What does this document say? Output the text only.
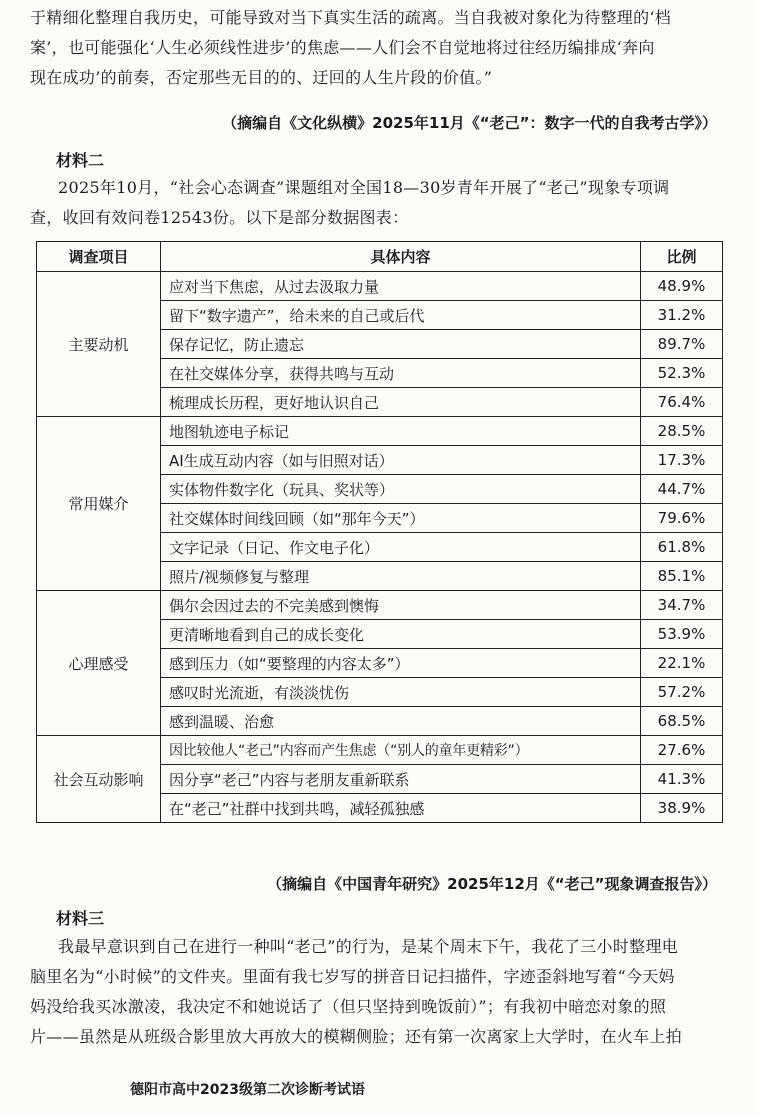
于精细化整理自我历史，可能导致对当下真实生活的疏离。当自我被对象化为待整理的‘档
案’，也可能强化‘人生必须线性进步’的焦虑——人们会不自觉地将过往经历编排成‘奔向
现在成功’的前奏，否定那些无目的的、迂回的人生片段的价值。”
（摘编自《文化纵横》2025年11月《“老己”：数字一代的自我考古学》）
材料二
2025年10月，“社会心态调查”课题组对全国18—30岁青年开展了“老己”现象专项调
查，收回有效问卷12543份。以下是部分数据图表：
调查项目	具体内容	比例
主要动机	应对当下焦虑，从过去汲取力量	48.9%
	留下“数字遗产”，给未来的自己或后代	31.2%
	保存记忆，防止遗忘	89.7%
	在社交媒体分享，获得共鸣与互动	52.3%
	梳理成长历程，更好地认识自己	76.4%
常用媒介	地图轨迹电子标记	28.5%
	AI生成互动内容（如与旧照对话）	17.3%
	实体物件数字化（玩具、奖状等）	44.7%
	社交媒体时间线回顾（如“那年今天”）	79.6%
	文字记录（日记、作文电子化）	61.8%
	照片/视频修复与整理	85.1%
心理感受	偶尔会因过去的不完美感到懊悔	34.7%
	更清晰地看到自己的成长变化	53.9%
	感到压力（如“要整理的内容太多”）	22.1%
	感叹时光流逝，有淡淡忧伤	57.2%
	感到温暖、治愈	68.5%
社会互动影响	因比较他人“老己”内容而产生焦虑（“别人的童年更精彩”）	27.6%
	因分享“老己”内容与老朋友重新联系	41.3%
	在“老己”社群中找到共鸣，减轻孤独感	38.9%
（摘编自《中国青年研究》2025年12月《“老己”现象调查报告》）
材料三
我最早意识到自己在进行一种叫“老己”的行为，是某个周末下午，我花了三小时整理电
脑里名为“小时候”的文件夹。里面有我七岁写的拼音日记扫描件，字迹歪斜地写着“今天妈
妈没给我买冰激凌，我决定不和她说话了（但只坚持到晚饭前）”；有我初中暗恋对象的照
片——虽然是从班级合影里放大再放大的模糊侧脸；还有第一次离家上大学时，在火车上拍
德阳市高中2023级第二次诊断考试语
